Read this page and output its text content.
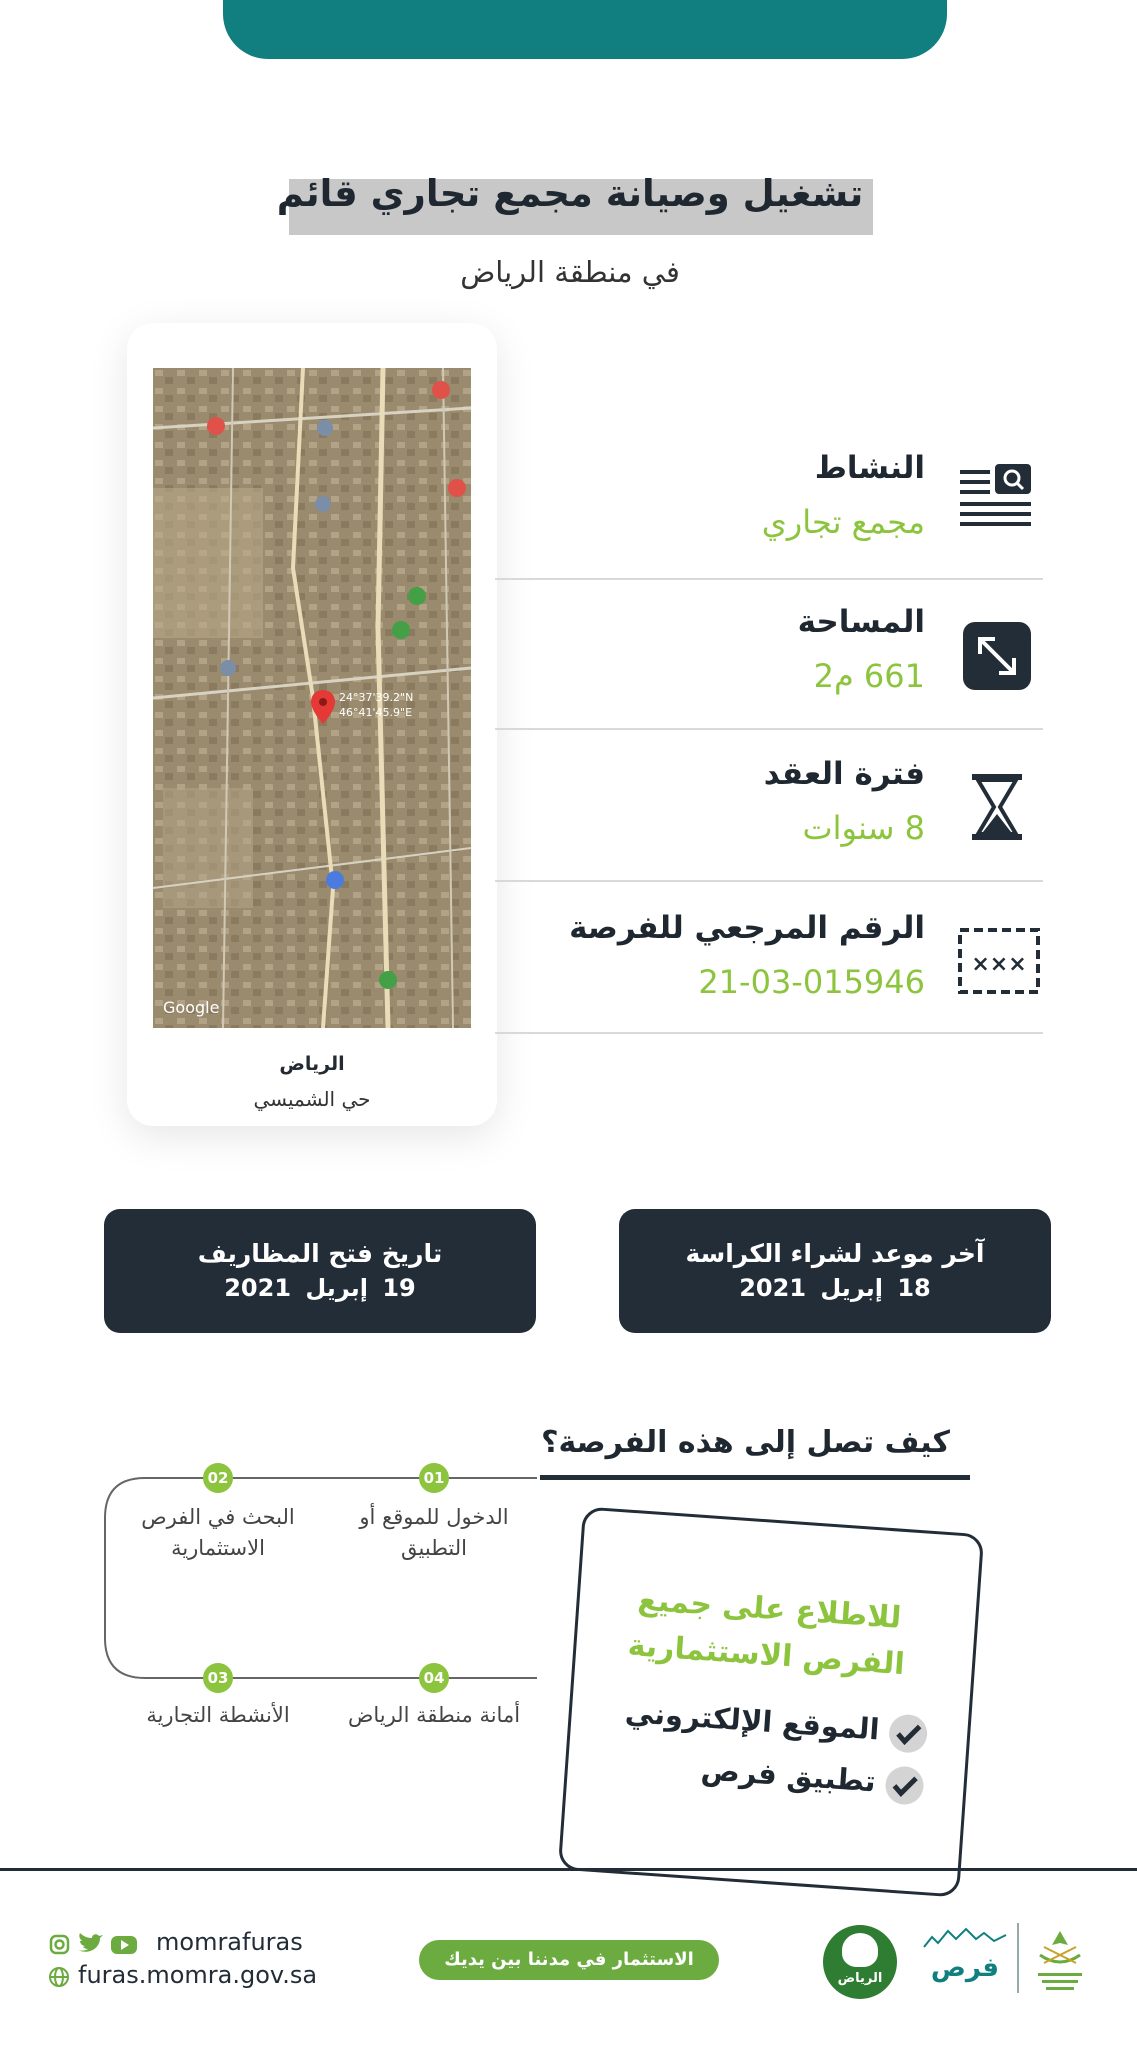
تشغيل وصيانة مجمع تجاري قائم
في منطقة الرياض
24°37'39.2"N
46°41'45.9"E
Google
الرياض
حي الشميسي
النشاط
مجمع تجاري
المساحة
661 م2
فترة العقد
8 سنوات
الرقم المرجعي للفرصة
21-03-015946 ×××
آخر موعد لشراء الكراسة
18 إبريل 2021
تاريخ فتح المظاريف
19 إبريل 2021
كيف تصل إلى هذه الفرصة؟
01
الدخول للموقع أو التطبيق
02
البحث في الفرص الاستثمارية
03
الأنشطة التجارية
04
أمانة منطقة الرياض
للاطلاع على جميع الفرص الاستثمارية
الموقع الإلكتروني
تطبيق فرص
momrafuras
furas.momra.gov.sa
الاستثمار في مدننا بين يديك
الرياض	فرص
